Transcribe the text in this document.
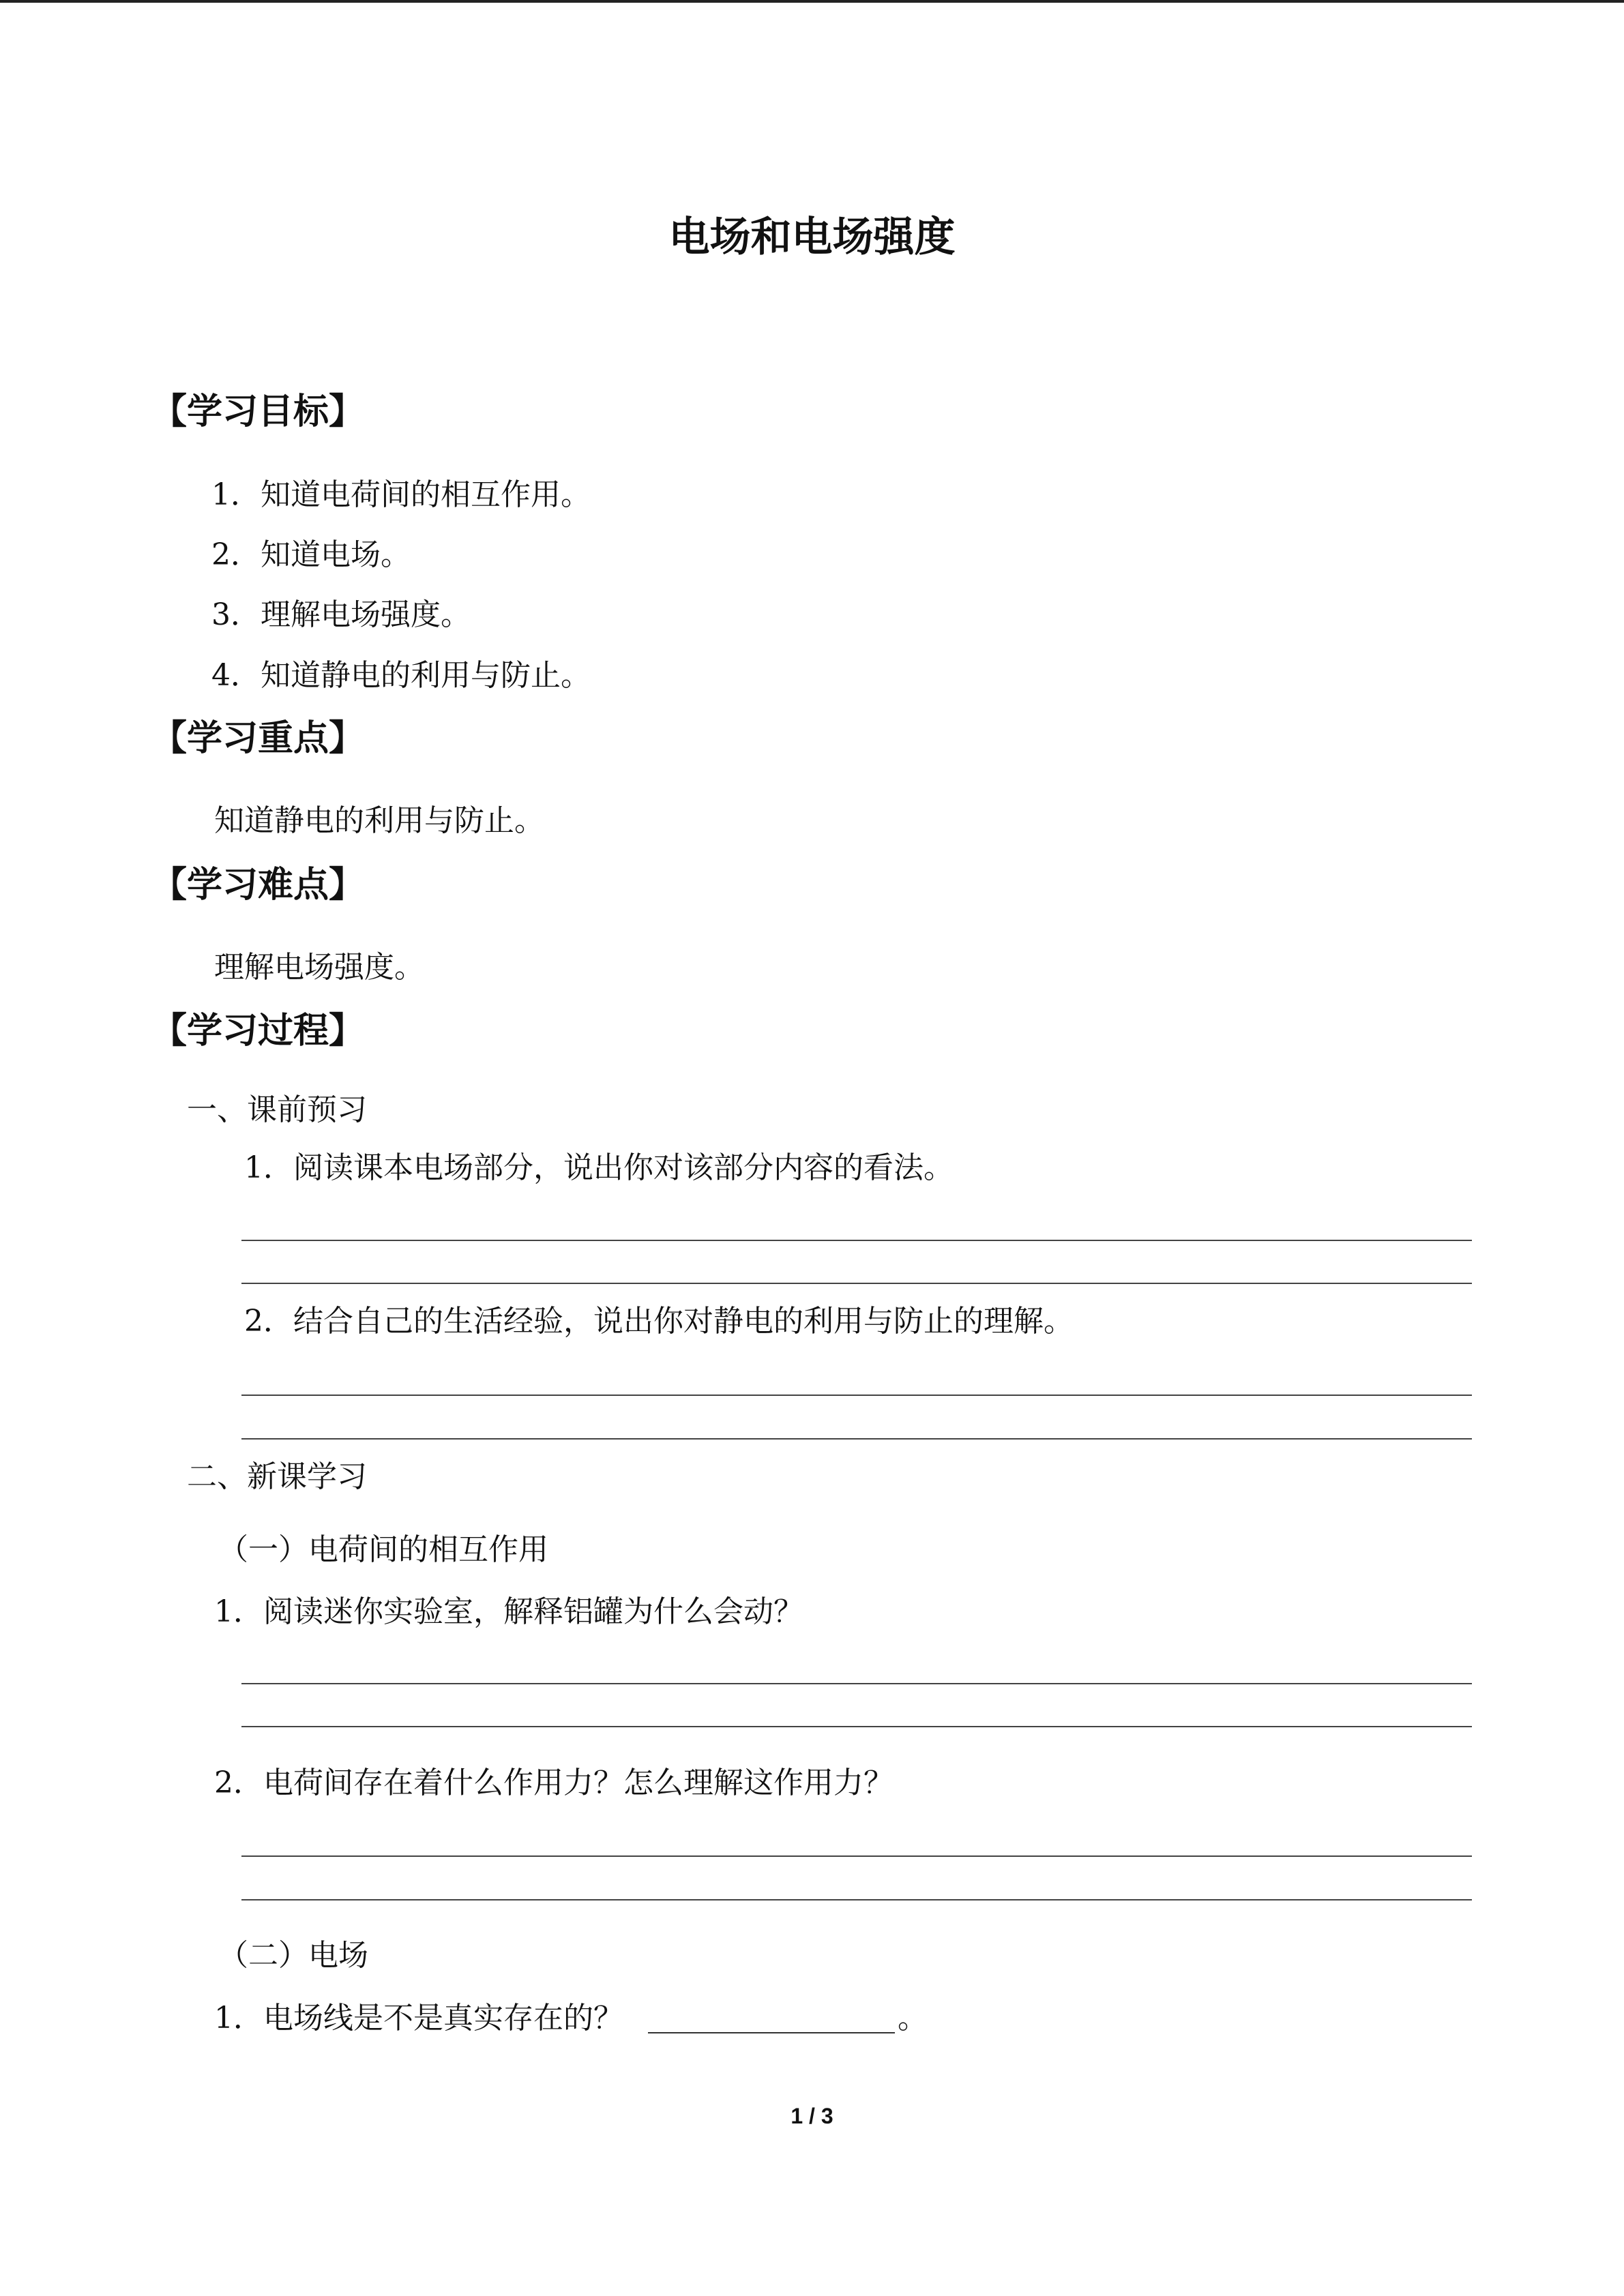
电场和电场强度
【学习目标】
1．知道电荷间的相互作用。
2．知道电场。
3．理解电场强度。
4．知道静电的利用与防止。
【学习重点】
知道静电的利用与防止。
【学习难点】
理解电场强度。
【学习过程】
一、课前预习
1．阅读课本电场部分，说出你对该部分内容的看法。
2．结合自己的生活经验，说出你对静电的利用与防止的理解。
二、新课学习
（一）电荷间的相互作用
1．阅读迷你实验室，解释铝罐为什么会动？
2．电荷间存在着什么作用力？怎么理解这作用力？
（二）电场
1．电场线是不是真实存在的？	。
1 / 3
